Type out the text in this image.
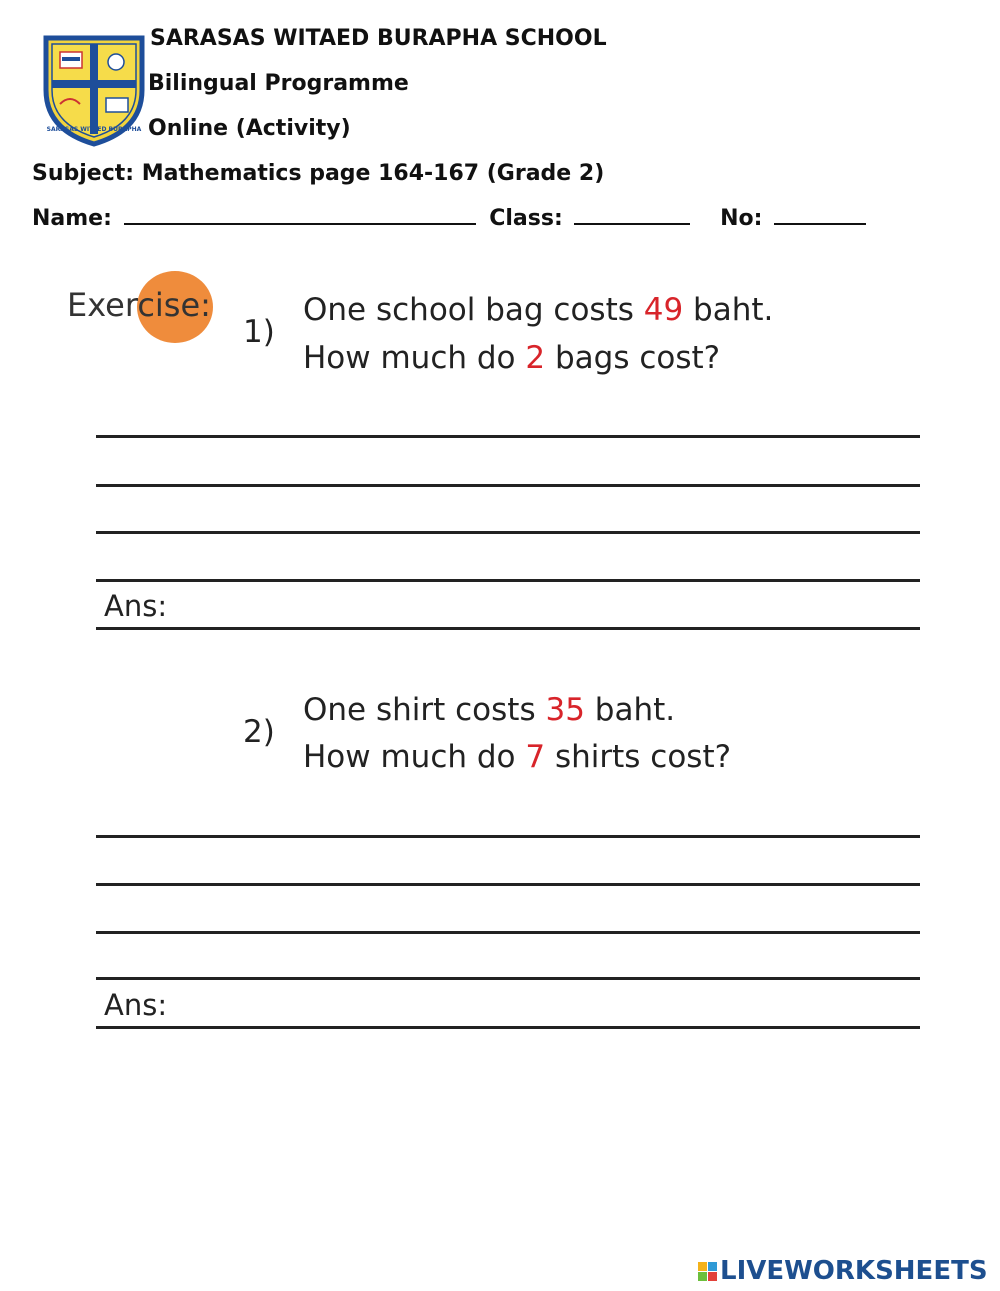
SARASAS WITAED BURAPHA
SARASAS WITAED BURAPHA SCHOOL
Bilingual Programme
Online (Activity)
Subject: Mathematics page 164-167 (Grade 2)
Name:	Class:	No:
Exercise:
1)
One school bag costs 49 baht.
How much do 2 bags cost?
Ans:
2)
One shirt costs 35 baht.
How much do 7 shirts cost?
Ans:
LIVEWORKSHEETS
